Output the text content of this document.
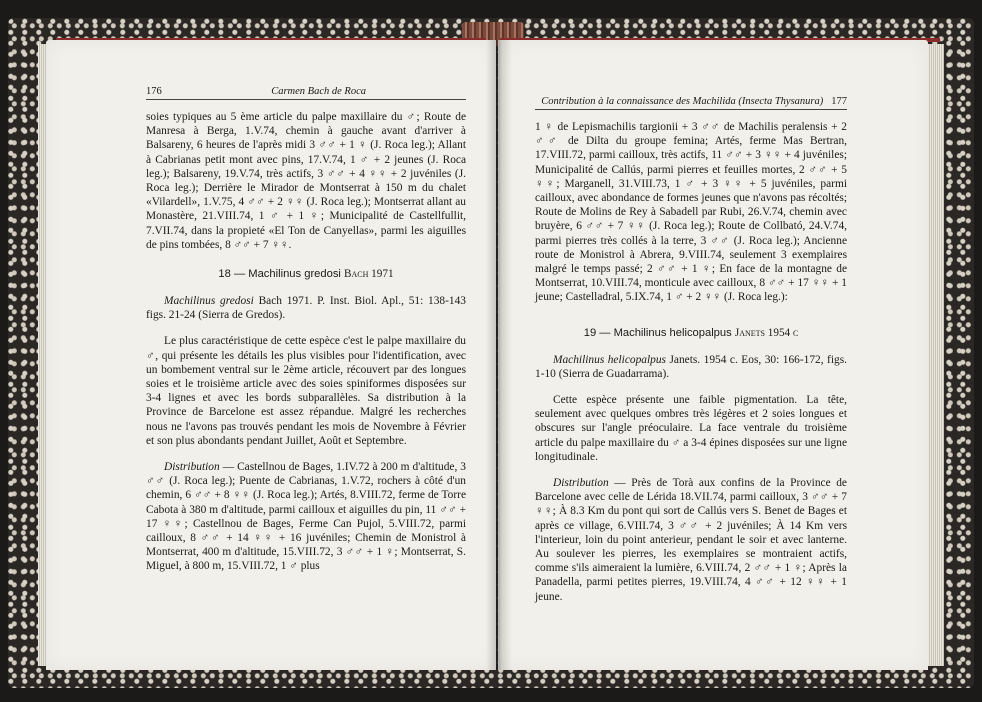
176	Carmen Bach de Roca

soies typiques au 5 ème article du palpe maxillaire du ♂; Route de Manresa à Berga, 1.V.74, chemin à gauche avant d'arriver à Balsareny, 6 heures de l'après midi 3 ♂♂ + 1 ♀ (J. Roca leg.); Allant à Cabrianas petit mont avec pins, 17.V.74, 1 ♂ + 2 jeunes (J. Roca leg.); Balsareny, 19.V.74, très actifs, 3 ♂♂ + 4 ♀♀ + 2 juvéniles (J. Roca leg.); Derrière le Mirador de Montserrat à 150 m du chalet «Vilardell», 1.V.75, 4 ♂♂ + 2 ♀♀ (J. Roca leg.); Montserrat allant au Monastère, 21.VIII.74, 1 ♂ + 1 ♀; Municipalité de Castellfullit, 7.VII.74, dans la propieté «El Ton de Canyellas», parmi les aiguilles de pins tombées, 8 ♂♂ + 7 ♀♀.

18 — Machilinus gredosi Bach 1971

Machilinus gredosi Bach 1971. P. Inst. Biol. Apl., 51: 138-143 figs. 21-24 (Sierra de Gredos).

Le plus caractéristique de cette espèce c'est le palpe maxillaire du ♂, qui présente les détails les plus visibles pour l'identification, avec un bombement ventral sur le 2ème article, récouvert par des longues soies et le troisième article avec des soies spiniformes disposées sur 3-4 lignes et avec les bords subparallèles. Sa distribution à la Province de Barcelone est assez répandue. Malgré les recherches nous ne l'avons pas trouvés pendant les mois de Novembre à Février et son plus abondants pendant Juillet, Août et Septembre.

Distribution — Castellnou de Bages, 1.IV.72 à 200 m d'altitude, 3 ♂♂ (J. Roca leg.); Puente de Cabrianas, 1.V.72, rochers à côté d'un chemin, 6 ♂♂ + 8 ♀♀ (J. Roca leg.); Artés, 8.VIII.72, ferme de Torre Cabota à 380 m d'altitude, parmi cailloux et aiguilles du pin, 11 ♂♂ + 17 ♀♀; Castellnou de Bages, Ferme Can Pujol, 5.VIII.72, parmi cailloux, 8 ♂♂ + 14 ♀♀ + 16 juvéniles; Chemin de Monistrol à Montserrat, 400 m d'altitude, 15.VIII.72, 3 ♂♂ + 1 ♀; Montserrat, S. Miguel, à 800 m, 15.VIII.72, 1 ♂ plus

Contribution à la connaissance des Machilida (Insecta Thysanura) 177

1 ♀ de Lepismachilis targionii + 3 ♂♂ de Machilis peralensis + 2 ♂♂ de Dilta du groupe femina; Artés, ferme Mas Bertran, 17.VIII.72, parmi cailloux, très actifs, 11 ♂♂ + 3 ♀♀ + 4 juvéniles; Municipalité de Callús, parmi pierres et feuilles mortes, 2 ♂♂ + 5 ♀♀; Marganell, 31.VIII.73, 1 ♂ + 3 ♀♀ + 5 juvéniles, parmi cailloux, avec abondance de formes jeunes que n'avons pas récoltés; Route de Molins de Rey à Sabadell par Rubi, 26.V.74, chemin avec bruyère, 6 ♂♂ + 7 ♀♀ (J. Roca leg.); Route de Collbató, 24.V.74, parmi pierres très collés à la terre, 3 ♂♂ (J. Roca leg.); Ancienne route de Monistrol à Abrera, 9.VIII.74, seulement 3 exemplaires malgré le temps passé; 2 ♂♂ + 1 ♀; En face de la montagne de Montserrat, 10.VIII.74, monticule avec cailloux, 8 ♂♂ + 17 ♀♀ + 1 jeune; Castelladral, 5.IX.74, 1 ♂ + 2 ♀♀ (J. Roca leg.):

19 — Machilinus helicopalpus Janets 1954 c

Machilinus helicopalpus Janets. 1954 c. Eos, 30: 166-172, figs. 1-10 (Sierra de Guadarrama).

Cette espèce présente une faible pigmentation. La tête, seulement avec quelques ombres très légères et 2 soies longues et obscures sur l'angle préoculaire. La face ventrale du troisième article du palpe maxillaire du ♂ a 3-4 épines disposées sur une ligne longitudinale.

Distribution — Près de Torà aux confins de la Province de Barcelone avec celle de Lérida 18.VII.74, parmi cailloux, 3 ♂♂ + 7 ♀♀; À 8.3 Km du pont qui sort de Callús vers S. Benet de Bages et après ce village, 6.VIII.74, 3 ♂♂ + 2 juvéniles; À 14 Km vers l'interieur, loin du point anterieur, pendant le soir et avec lanterne. Au soulever les pierres, les exemplaires se montraient actifs, comme s'ils aimeraient la lumière, 6.VIII.74, 2 ♂♂ + 1 ♀; Après la Panadella, parmi petites pierres, 19.VIII.74, 4 ♂♂ + 12 ♀♀ + 1 jeune.
